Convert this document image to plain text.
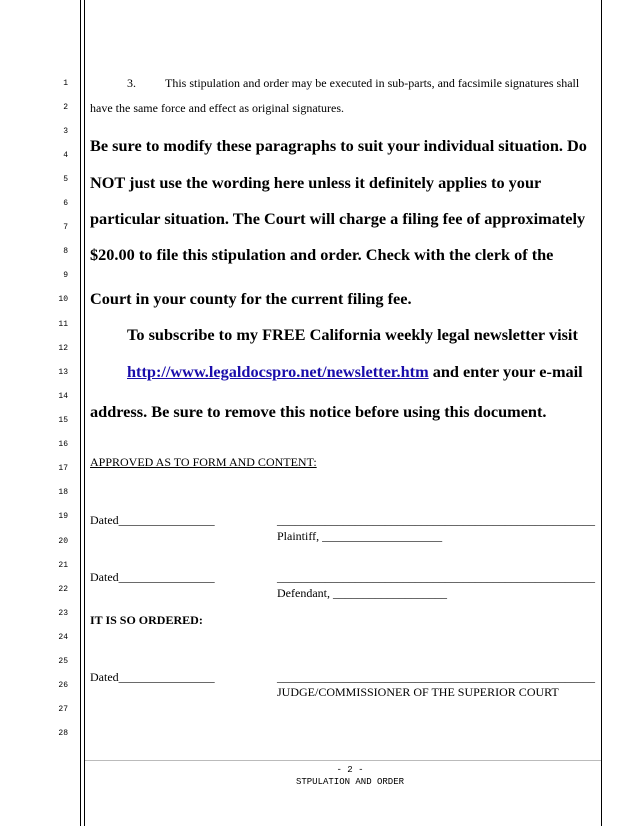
1
2
3
4
5
6
7
8
9
10
11
12
13
14
15
16
17
18
19
20
21
22
23
24
25
26
27
28
3. This stipulation and order may be executed in sub-parts, and facsimile signatures shall
have the same force and effect as original signatures.
Be sure to modify these paragraphs to suit your individual situation. Do
NOT just use the wording here unless it definitely applies to your
particular situation. The Court will charge a filing fee of approximately
$20.00 to file this stipulation and order. Check with the clerk of the
Court in your county for the current filing fee.
To subscribe to my FREE California weekly legal newsletter visit
http://www.legaldocspro.net/newsletter.htm and enter your e-mail
address. Be sure to remove this notice before using this document.
APPROVED AS TO FORM AND CONTENT:
Dated________________	_____________________________________________________
Plaintiff, ____________________
Dated________________	_____________________________________________________
Defendant, ___________________
IT IS SO ORDERED:
Dated________________	_____________________________________________________
JUDGE/COMMISSIONER OF THE SUPERIOR COURT
- 2 -
STPULATION AND ORDER
